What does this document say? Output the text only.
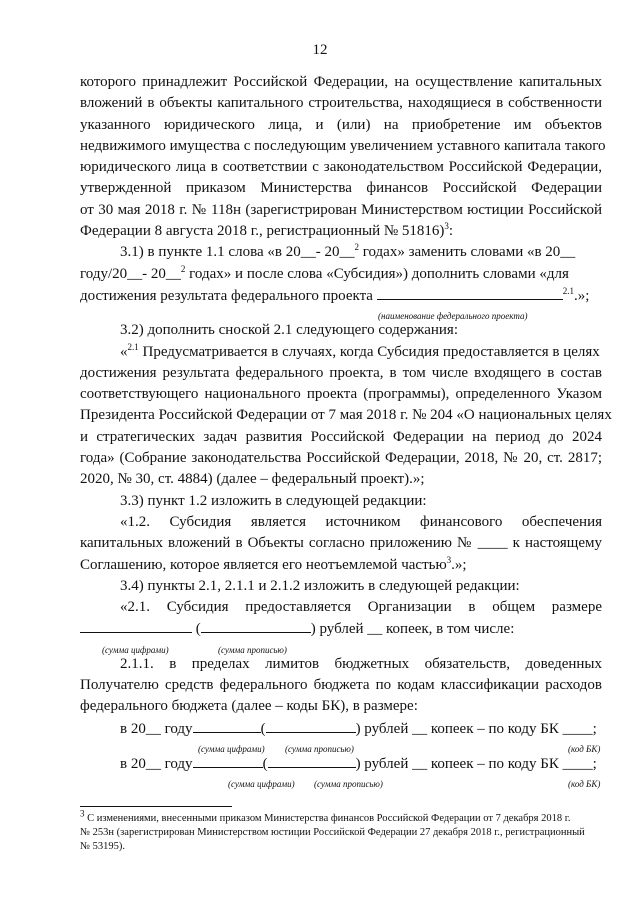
12
которого принадлежит Российской Федерации, на осуществление капитальных
вложений в объекты капитального строительства, находящиеся в собственности
указанного юридического лица, и (или) на приобретение им объектов
недвижимого имущества с последующим увеличением уставного капитала такого
юридического лица в соответствии с законодательством Российской Федерации,
утвержденной приказом Министерства финансов Российской Федерации
от 30 мая 2018 г. № 118н (зарегистрирован Министерством юстиции Российской
Федерации 8 августа 2018 г., регистрационный № 51816)$^3$:
3.1) в пункте 1.1 слова «в 20__- 20__$^2$ годах» заменить словами «в 20__
году/20__- 20__$^2$ годах» и после слова «Субсидия») дополнить словами «для
достижения результата федерального проекта	$^{2.1}$.»;
(наименование федерального проекта)
3.2) дополнить сноской 2.1 следующего содержания:
«$^{2.1}$ Предусматривается в случаях, когда Субсидия предоставляется в целях
достижения результата федерального проекта, в том числе входящего в состав
соответствующего национального проекта (программы), определенного Указом
Президента Российской Федерации от 7 мая 2018 г. № 204 «О национальных целях
и стратегических задач развития Российской Федерации на период до 2024
года» (Собрание законодательства Российской Федерации, 2018, № 20, ст. 2817;
2020, № 30, ст. 4884) (далее – федеральный проект).»;
3.3) пункт 1.2 изложить в следующей редакции:
«1.2. Субсидия является источником финансового обеспечения
капитальных вложений в Объекты согласно приложению № ____ к настоящему
Соглашению, которое является его неотъемлемой частью$^3$.»;
3.4) пункты 2.1, 2.1.1 и 2.1.2 изложить в следующей редакции:
«2.1. Субсидия предоставляется Организации в общем размере
(	) рублей __ копеек, в том числе:
(сумма цифрами)	(сумма прописью)
2.1.1. в пределах лимитов бюджетных обязательств, доведенных
Получателю средств федерального бюджета по кодам классификации расходов
федерального бюджета (далее – коды БК), в размере:
в 20__ году	(	) рублей __ копеек – по коду БК ____;
(сумма цифрами) (сумма прописью)	(код БК)
в 20__ году	(	) рублей __ копеек – по коду БК ____;
(сумма цифрами) (сумма прописью)	(код БК)
$^3$ С изменениями, внесенными приказом Министерства финансов Российской Федерации от 7 декабря 2018 г.
№ 253н (зарегистрирован Министерством юстиции Российской Федерации 27 декабря 2018 г., регистрационный
№ 53195).
